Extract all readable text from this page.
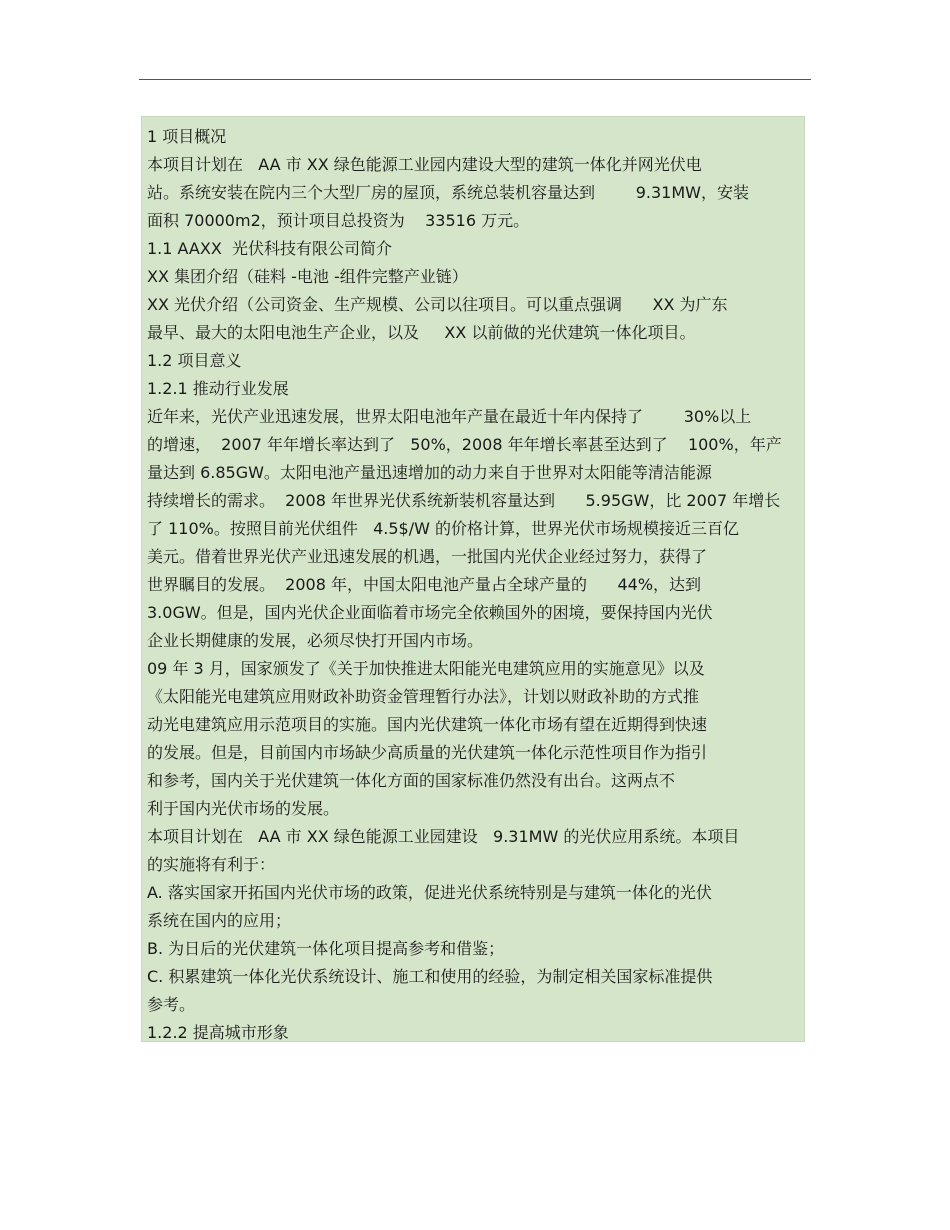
1 项目概况
本项目计划在   AA 市 XX 绿色能源工业园内建设大型的建筑一体化并网光伏电
站。系统安装在院内三个大型厂房的屋顶，系统总装机容量达到        9.31MW，安装
面积 70000m2，预计项目总投资为    33516 万元。
1.1 AAXX  光伏科技有限公司简介
XX 集团介绍（硅料 -电池 -组件完整产业链）
XX 光伏介绍（公司资金、生产规模、公司以往项目。可以重点强调      XX 为广东
最早、最大的太阳电池生产企业，以及     XX 以前做的光伏建筑一体化项目。
1.2 项目意义
1.2.1 推动行业发展
近年来，光伏产业迅速发展，世界太阳电池年产量在最近十年内保持了        30%以上
的增速，  2007 年年增长率达到了   50%，2008 年年增长率甚至达到了    100%，年产
量达到 6.85GW。太阳电池产量迅速增加的动力来自于世界对太阳能等清洁能源
持续增长的需求。  2008 年世界光伏系统新装机容量达到      5.95GW，比 2007 年增长
了 110%。按照目前光伏组件   4.5$/W 的价格计算，世界光伏市场规模接近三百亿
美元。借着世界光伏产业迅速发展的机遇，一批国内光伏企业经过努力，获得了
世界瞩目的发展。  2008 年，中国太阳电池产量占全球产量的      44%，达到
3.0GW。但是，国内光伏企业面临着市场完全依赖国外的困境，要保持国内光伏
企业长期健康的发展，必须尽快打开国内市场。
09 年 3 月，国家颁发了《关于加快推进太阳能光电建筑应用的实施意见》以及
《太阳能光电建筑应用财政补助资金管理暂行办法》，计划以财政补助的方式推
动光电建筑应用示范项目的实施。国内光伏建筑一体化市场有望在近期得到快速
的发展。但是，目前国内市场缺少高质量的光伏建筑一体化示范性项目作为指引
和参考，国内关于光伏建筑一体化方面的国家标准仍然没有出台。这两点不
利于国内光伏市场的发展。
本项目计划在   AA 市 XX 绿色能源工业园建设   9.31MW 的光伏应用系统。本项目
的实施将有利于：
A. 落实国家开拓国内光伏市场的政策，促进光伏系统特别是与建筑一体化的光伏
系统在国内的应用；
B. 为日后的光伏建筑一体化项目提高参考和借鉴；
C. 积累建筑一体化光伏系统设计、施工和使用的经验，为制定相关国家标准提供
参考。
1.2.2 提高城市形象
